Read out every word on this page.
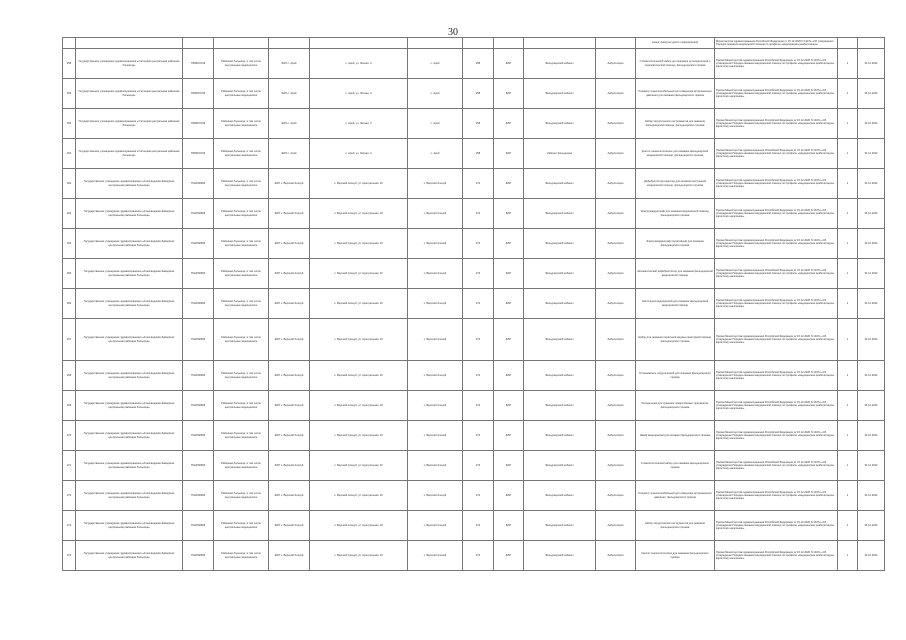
30
											семья, физкультурного оздоровления)	Министерства здравоохранения Российской Федерации от 15.12.2020 N 1347н «Об утверждении Порядка оказания медицинской помощи по профилю «медицинская реабилитация»		
258	Государственное учреждение здравоохранения «Учётецкая центральная районная больница»	7508001766	Районная больница, в том числе центральные медицинские	ФАП с. Арей	с. Арей, ул. Лесная, 3	с. Арей	258	ФАП	Фельдшерский кабинет	Амбулатория	Стоматологический набор для оказания ортопедической и терапевтической помощи, фельдшерского приема	Приказ Министерства здравоохранения Российской Федерации от 15.12.2020 N 1347н «Об утверждении Порядка оказания медицинской помощи по профилю «медицинская реабилитация» взрослому населению»	1	31.12.2022
259	Государственное учреждение здравоохранения «Учётецкая центральная районная больница»	7508001766	Районная больница, в том числе центральные медицинские	ФАП с. Арей	с. Арей, ул. Лесная, 3	с. Арей	258	ФАП	Фельдшерский кабинет	Амбулатория	Тонометр транспортабельный для измерения артериального давления для оказания фельдшерского приема	Приказ Министерства здравоохранения Российской Федерации от 15.12.2020 N 1347н «Об утверждении Порядка оказания медицинской помощи по профилю «медицинская реабилитация» взрослому населению»	1	31.12.2022
260	Государственное учреждение здравоохранения «Учётецкая центральная районная больница»	7508001766	Районная больница, в том числе центральные медицинские	ФАП с. Арей	с. Арей, ул. Лесная, 3	с. Арей	258	ФАП	Фельдшерский кабинет	Амбулатория	Набор хирургических инструментов для оказания фельдшерской помощи, фельдшерского приема	Приказ Министерства здравоохранения Российской Федерации от 15.12.2020 N 1347н «Об утверждении Порядка оказания медицинской помощи по профилю «медицинская реабилитация» взрослому населению»	1	31.12.2022
261	Государственное учреждение здравоохранения «Учётецкая центральная районная больница»	7508001766	Районная больница, в том числе центральные медицинские	ФАП с. Арей	с. Арей, ул. Лесная, 3	с. Арей	258	ФАП	Кабинет фельдшера	Амбулатория	Кресло гинекологическое для оказания фельдшерской медицинской помощи, фельдшерского приема	Приказ Министерства здравоохранения Российской Федерации от 15.12.2020 N 1347н «Об утверждении Порядка оказания медицинской помощи по профилю «медицинская реабилитация» взрослому населению»	1	31.12.2022
262	Государственное учреждение здравоохранения «Александрово-Заводская центральная районная больница»	7512000806	Районная больница, в том числе центральные медицинские	ФАП с. Верхний Аленуй	с. Верхний Аленуй, ул. Центральная, 16	с. Верхний Аленуй	274	ФАП	Фельдшерский кабинет	Амбулатория	Дефибриллятор-монитор для оказания экстренной медицинской помощи, фельдшерского приема	Приказ Министерства здравоохранения Российской Федерации от 15.12.2020 N 1347н «Об утверждении Порядка оказания медицинской помощи по профилю «медицинская реабилитация» взрослому населению»	1	31.12.2022
263	Государственное учреждение здравоохранения «Александрово-Заводская центральная районная больница»	7512000806	Районная больница, в том числе центральные медицинские	ФАП с. Верхний Аленуй	с. Верхний Аленуй, ул. Центральная, 16	с. Верхний Аленуй	274	ФАП	Фельдшерский кабинет	Амбулатория	Электрокардиограф для оказания медицинской помощи, фельдшерского приема	Приказ Министерства здравоохранения Российской Федерации от 15.12.2020 N 1347н «Об утверждении Порядка оказания медицинской помощи по профилю «медицинская реабилитация» взрослому населению»	1	31.12.2022
264	Государственное учреждение здравоохранения «Александрово-Заводская центральная районная больница»	7512000806	Районная больница, в том числе центральные медицинские	ФАП с. Верхний Аленуй	с. Верхний Аленуй, ул. Центральная, 16	с. Верхний Аленуй	274	ФАП	Фельдшерский кабинет	Амбулатория	Электрокардиограф портативный для оказания фельдшерского приема	Приказ Министерства здравоохранения Российской Федерации от 15.12.2020 N 1347н «Об утверждении Порядка оказания медицинской помощи по профилю «медицинская реабилитация» взрослому населению»	1	31.12.2022
265	Государственное учреждение здравоохранения «Александрово-Заводская центральная районная больница»	7512000806	Районная больница, в том числе центральные медицинские	ФАП с. Верхний Аленуй	с. Верхний Аленуй, ул. Центральная, 16	с. Верхний Аленуй	274	ФАП	Фельдшерский кабинет	Амбулатория	Автоматический дефибриллятор для оказания фельдшерской медицинской помощи	Приказ Министерства здравоохранения Российской Федерации от 15.12.2020 N 1347н «Об утверждении Порядка оказания медицинской помощи по профилю «медицинская реабилитация» взрослому населению»	1	31.12.2022
266	Государственное учреждение здравоохранения «Александрово-Заводская центральная районная больница»	7512000806	Районная больница, в том числе центральные медицинские	ФАП с. Верхний Аленуй	с. Верхний Аленуй, ул. Центральная, 16	с. Верхний Аленуй	274	ФАП	Фельдшерский кабинет	Амбулатория	Светильник медицинский для оказания фельдшерской медицинской помощи	Приказ Министерства здравоохранения Российской Федерации от 15.12.2020 N 1347н «Об утверждении Порядка оказания медицинской помощи по профилю «медицинская реабилитация» взрослому населению»	1	31.12.2022
267	Государственное учреждение здравоохранения «Александрово-Заводская центральная районная больница»	7512000806	Районная больница, в том числе центральные медицинские	ФАП с. Верхний Аленуй	с. Верхний Аленуй, ул. Центральная, 16	с. Верхний Аленуй	274	ФАП	Фельдшерский кабинет	Амбулатория	Набор для оказания первичной медико-санитарной помощи, фельдшерского приема	Приказ Министерства здравоохранения Российской Федерации от 15.12.2020 N 1347н «Об утверждении Порядка оказания медицинской помощи по профилю «медицинская реабилитация» взрослому населению»	1	31.12.2022
268	Государственное учреждение здравоохранения «Александрово-Заводская центральная районная больница»	7512000806	Районная больница, в том числе центральные медицинские	ФАП с. Верхний Аленуй	с. Верхний Аленуй, ул. Центральная, 16	с. Верхний Аленуй	274	ФАП	Фельдшерский кабинет	Амбулатория	Отсасыватель хирургический для оказания фельдшерского приема	Приказ Министерства здравоохранения Российской Федерации от 15.12.2020 N 1347н «Об утверждении Порядка оказания медицинской помощи по профилю «медицинская реабилитация» взрослому населению»	1	31.12.2022
269	Государственное учреждение здравоохранения «Александрово-Заводская центральная районная больница»	7512000806	Районная больница, в том числе центральные медицинские	ФАП с. Верхний Аленуй	с. Верхний Аленуй, ул. Центральная, 16	с. Верхний Аленуй	274	ФАП	Фельдшерский кабинет	Амбулатория	Холодильник для хранения лекарственных препаратов, фельдшерского приема	Приказ Министерства здравоохранения Российской Федерации от 15.12.2020 N 1347н «Об утверждении Порядка оказания медицинской помощи по профилю «медицинская реабилитация» взрослому населению»	1	31.12.2022
270	Государственное учреждение здравоохранения «Александрово-Заводская центральная районная больница»	7512000806	Районная больница, в том числе центральные медицинские	ФАП с. Верхний Аленуй	с. Верхний Аленуй, ул. Центральная, 16	с. Верхний Аленуй	274	ФАП	Фельдшерский кабинет	Амбулатория	Шкаф медицинский для оказания фельдшерского приема	Приказ Министерства здравоохранения Российской Федерации от 15.12.2020 N 1347н «Об утверждении Порядка оказания медицинской помощи по профилю «медицинская реабилитация» взрослому населению»	1	31.12.2022
271	Государственное учреждение здравоохранения «Александрово-Заводская центральная районная больница»	7512000806	Районная больница, в том числе центральные медицинские	ФАП с. Верхний Аленуй	с. Верхний Аленуй, ул. Центральная, 16	с. Верхний Аленуй	274	ФАП	Фельдшерский кабинет	Амбулатория	Стоматологический набор для оказания фельдшерского приема	Приказ Министерства здравоохранения Российской Федерации от 15.12.2020 N 1347н «Об утверждении Порядка оказания медицинской помощи по профилю «медицинская реабилитация» взрослому населению»	1	31.12.2022
272	Государственное учреждение здравоохранения «Александрово-Заводская центральная районная больница»	7512000806	Районная больница, в том числе центральные медицинские	ФАП с. Верхний Аленуй	с. Верхний Аленуй, ул. Центральная, 16	с. Верхний Аленуй	274	ФАП	Фельдшерский кабинет	Амбулатория	Тонометр транспортабельный для измерения артериального давления, фельдшерского приема	Приказ Министерства здравоохранения Российской Федерации от 15.12.2020 N 1347н «Об утверждении Порядка оказания медицинской помощи по профилю «медицинская реабилитация» взрослому населению»	1	31.12.2022
273	Государственное учреждение здравоохранения «Александрово-Заводская центральная районная больница»	7512000806	Районная больница, в том числе центральные медицинские	ФАП с. Верхний Аленуй	с. Верхний Аленуй, ул. Центральная, 16	с. Верхний Аленуй	274	ФАП	Фельдшерский кабинет	Амбулатория	Набор хирургических инструментов для оказания фельдшерского приема	Приказ Министерства здравоохранения Российской Федерации от 15.12.2020 N 1347н «Об утверждении Порядка оказания медицинской помощи по профилю «медицинская реабилитация» взрослому населению»	1	31.12.2022
274	Государственное учреждение здравоохранения «Александрово-Заводская центральная районная больница»	7512000806	Районная больница, в том числе центральные медицинские	ФАП с. Верхний Аленуй	с. Верхний Аленуй, ул. Центральная, 16	с. Верхний Аленуй	274	ФАП	Фельдшерский кабинет	Амбулатория	Кресло гинекологическое для оказания фельдшерского приема	Приказ Министерства здравоохранения Российской Федерации от 15.12.2020 N 1347н «Об утверждении Порядка оказания медицинской помощи по профилю «медицинская реабилитация» взрослому населению»	1	31.12.2022
